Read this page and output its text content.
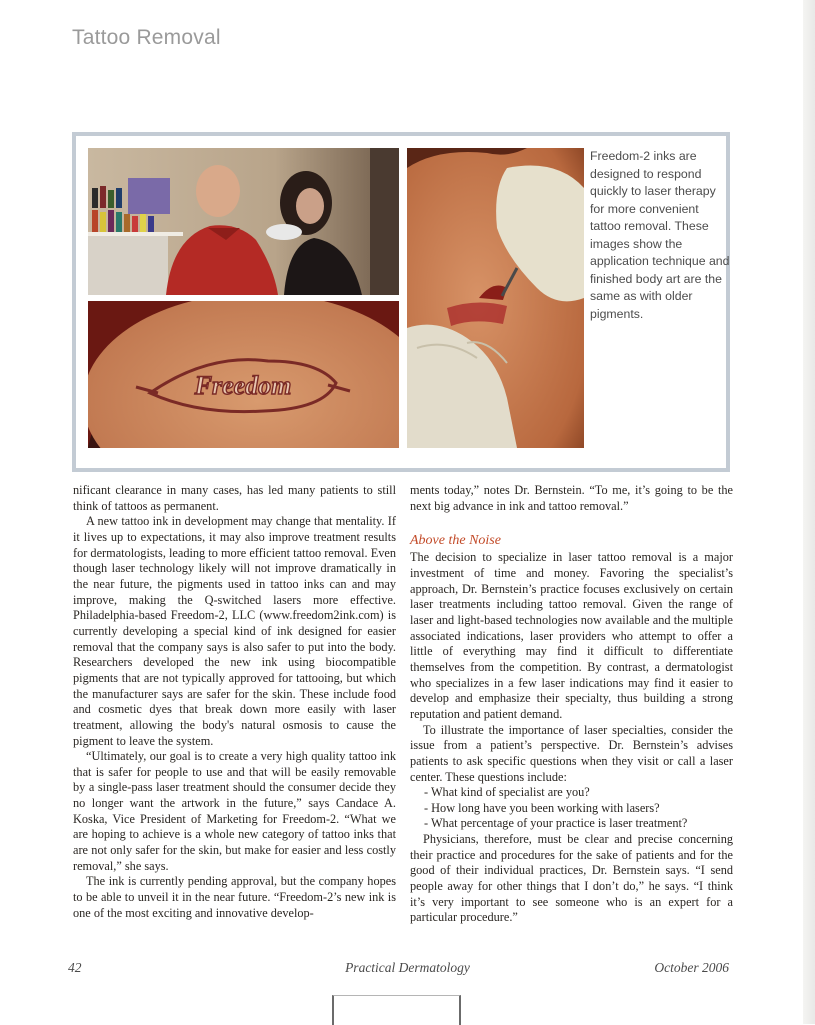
Tattoo Removal
Freedom
Freedom-2 inks are designed to respond quickly to laser therapy for more convenient tattoo removal. These images show the application technique and finished body art are the same as with older pigments.

nificant clearance in many cases, has led many patients to still think of tattoos as permanent.

A new tattoo ink in development may change that mentality. If it lives up to expectations, it may also improve treatment results for dermatologists, leading to more efficient tattoo removal. Even though laser technology likely will not improve dramatically in the near future, the pigments used in tattoo inks can and may improve, making the Q-switched lasers more effective. Philadelphia-based Freedom-2, LLC (www.freedom2ink.com) is currently developing a special kind of ink designed for easier removal that the company says is also safer to put into the body. Researchers developed the new ink using biocompatible pigments that are not typically approved for tattooing, but which the manufacturer says are safer for the skin. These include food and cosmetic dyes that break down more easily with laser treatment, allowing the body's natural osmosis to cause the pigment to leave the system.

“Ultimately, our goal is to create a very high quality tattoo ink that is safer for people to use and that will be easily removable by a single-pass laser treatment should the consumer decide they no longer want the artwork in the future,” says Candace A. Koska, Vice President of Marketing for Freedom-2. “What we are hoping to achieve is a whole new category of tattoo inks that are not only safer for the skin, but make for easier and less costly removal,” she says.

The ink is currently pending approval, but the company hopes to be able to unveil it in the near future. “Freedom-2’s new ink is one of the most exciting and innovative develop-

ments today,” notes Dr. Bernstein. “To me, it’s going to be the next big advance in ink and tattoo removal.”

Above the Noise

The decision to specialize in laser tattoo removal is a major investment of time and money. Favoring the specialist’s approach, Dr. Bernstein’s practice focuses exclusively on certain laser treatments including tattoo removal. Given the range of laser and light-based technologies now available and the multiple associated indications, laser providers who attempt to offer a little of everything may find it difficult to differentiate themselves from the competition. By contrast, a dermatologist who specializes in a few laser indications may find it easier to develop and emphasize their specialty, thus building a strong reputation and patient demand.

To illustrate the importance of laser specialties, consider the issue from a patient’s perspective. Dr. Bernstein’s advises patients to ask specific questions when they visit or call a laser center. These questions include:

- What kind of specialist are you?

- How long have you been working with lasers?

- What percentage of your practice is laser treatment?

Physicians, therefore, must be clear and precise concerning their practice and procedures for the sake of patients and for the good of their individual practices, Dr. Bernstein says. “I send people away for other things that I don’t do,” he says. “I think it’s very important to see someone who is an expert for a particular procedure.”

42	Practical Dermatology	October 2006
